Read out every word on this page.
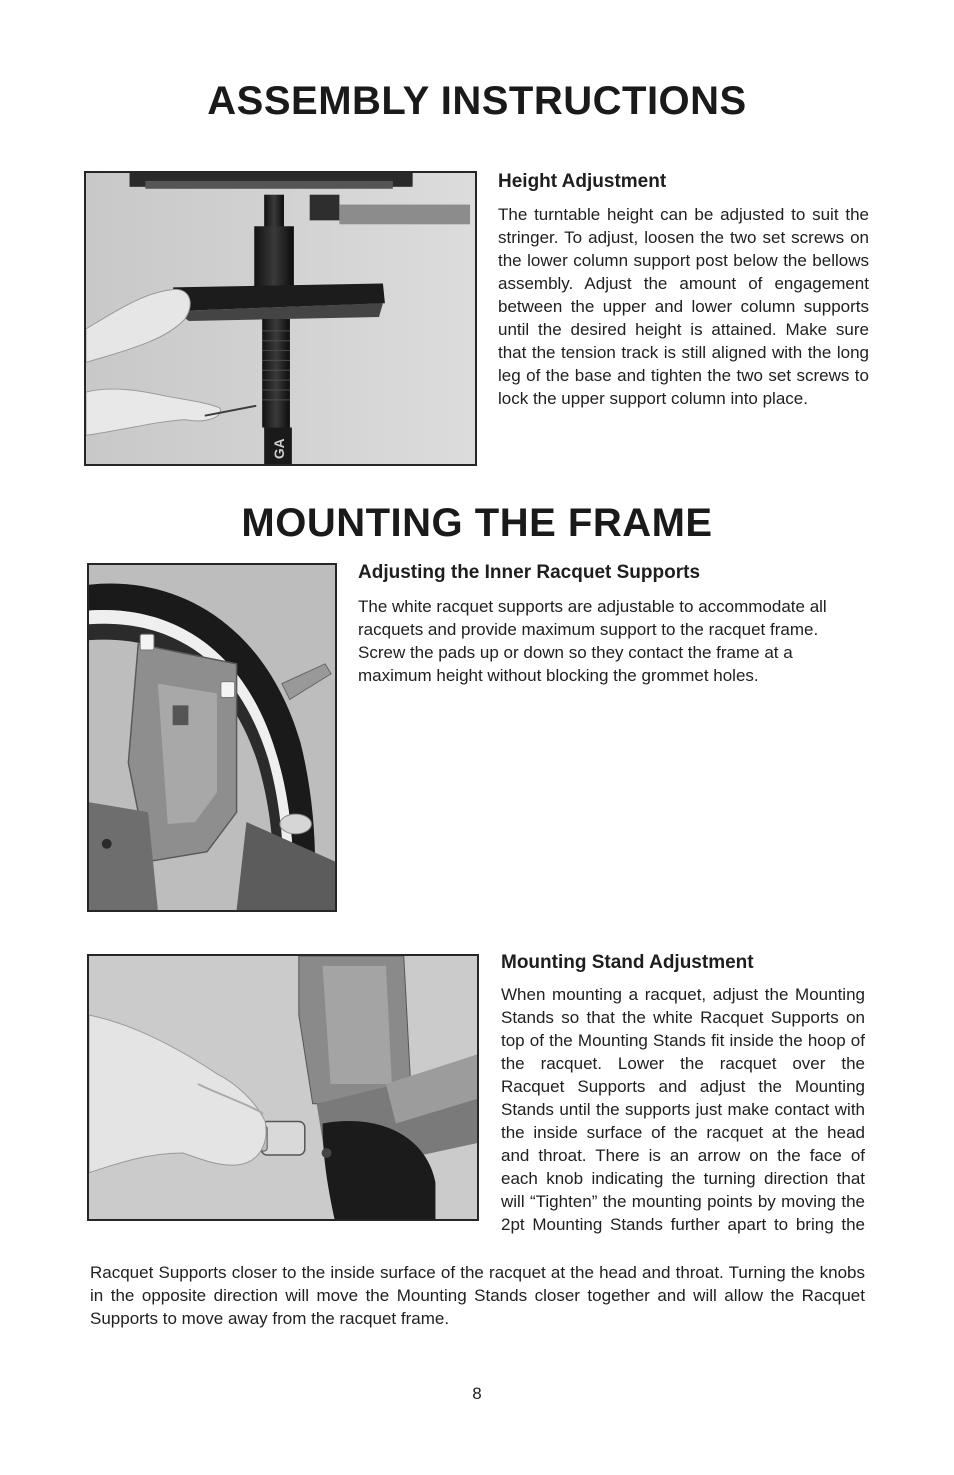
ASSEMBLY INSTRUCTIONS
GA
Height Adjustment

The turntable height can be adjusted to suit the stringer. To adjust, loosen the two set screws on the lower column support post below the bellows assembly. Adjust the amount of engagement between the upper and lower column supports until the desired height is attained. Make sure that the tension track is still aligned with the long leg of the base and tighten the two set screws to lock the upper support column into place.

MOUNTING THE FRAME
Adjusting the Inner Racquet Supports

The white racquet supports are adjustable to accommodate all racquets and provide maximum support to the racquet frame. Screw the pads up or down so they contact the frame at a maximum height without blocking the grommet holes.

Mounting Stand Adjustment

When mounting a racquet, adjust the Mounting Stands so that the white Racquet Supports on top of the Mounting Stands fit inside the hoop of the racquet. Lower the racquet over the Racquet Supports and adjust the Mounting Stands until the supports just make contact with the inside surface of the racquet at the head and throat. There is an arrow on the face of each knob indicating the turning direction that will “Tighten” the mounting points by moving the 2pt Mounting Stands further apart to bring the

Racquet Supports closer to the inside surface of the racquet at the head and throat. Turning the knobs in the opposite direction will move the Mounting Stands closer together and will allow the Racquet Supports to move away from the racquet frame.

8
